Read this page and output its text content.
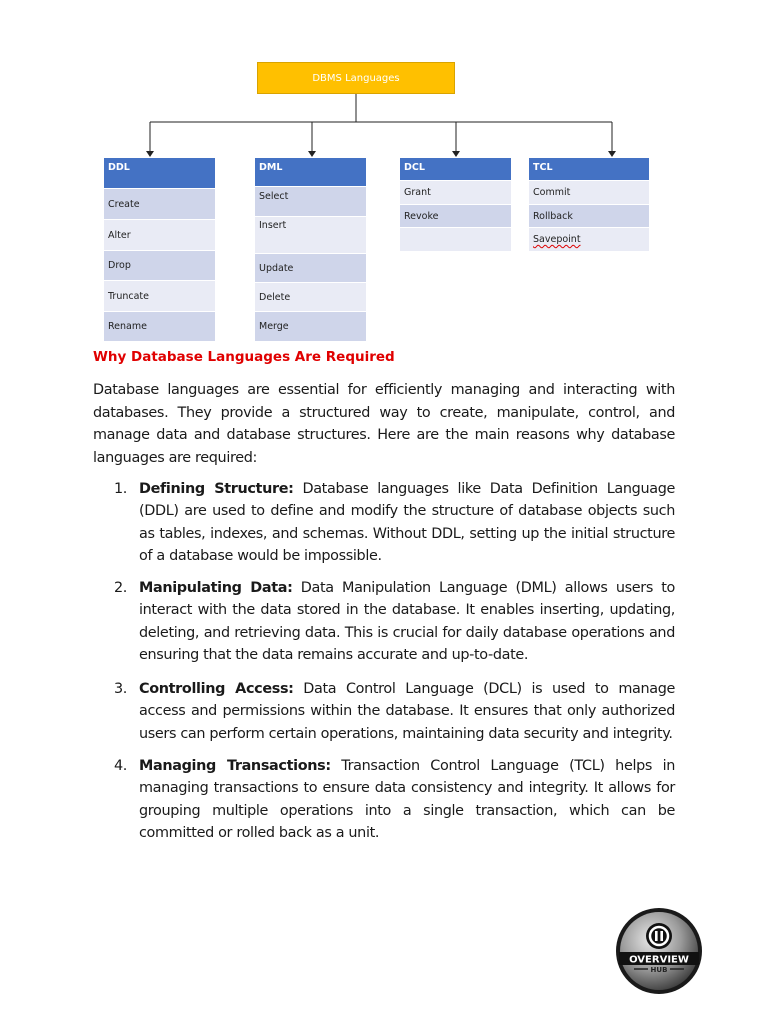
DBMS Languages
DDL
Create
Alter
Drop
Truncate
Rename
DML
Select
Insert
Update
Delete
Merge
DCL
Grant
Revoke
TCL
Commit
Rollback
Savepoint
Why Database Languages Are Required

Database languages are essential for efficiently managing and interacting with databases. They provide a structured way to create, manipulate, control, and manage data and database structures. Here are the main reasons why database languages are required:

1. Defining Structure: Database languages like Data Definition Language (DDL) are used to define and modify the structure of database objects such as tables, indexes, and schemas. Without DDL, setting up the initial structure of a database would be impossible.
2. Manipulating Data: Data Manipulation Language (DML) allows users to interact with the data stored in the database. It enables inserting, updating, deleting, and retrieving data. This is crucial for daily database operations and ensuring that the data remains accurate and up-to-date.
3. Controlling Access: Data Control Language (DCL) is used to manage access and permissions within the database. It ensures that only authorized users can perform certain operations, maintaining data security and integrity.
4. Managing Transactions: Transaction Control Language (TCL) helps in managing transactions to ensure data consistency and integrity. It allows for grouping multiple operations into a single transaction, which can be committed or rolled back as a unit.
OVERVIEW
HUB
